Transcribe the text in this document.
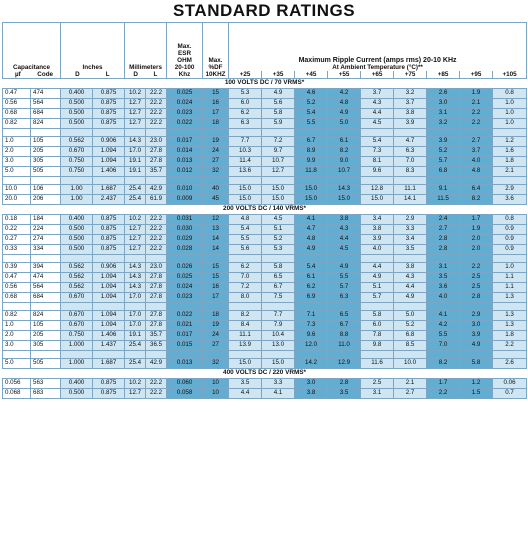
STANDARD RATINGS
Capacitance
µf Code		Inches
D L		Millimeters
D L		Max.
ESR
OHM
20-100
Khz	Max.
%DF
10KHZ	Maximum Ripple Current (amps rms) 20-10 KHz
At Ambient Temperature (°C)**								
								+25	+35	+45	+55	+65	+75	+85	+95	+105
100 VOLTS DC / 70 VRMS*																
0.47	474	0.400	0.875	10.2	22.2	0.025	15	5.3	4.9	4.6	4.2	3.7	3.2	2.6	1.9	0.8
0.56	564	0.500	0.875	12.7	22.2	0.024	16	6.0	5.6	5.2	4.8	4.3	3.7	3.0	2.1	1.0
0.68	684	0.500	0.875	12.7	22.2	0.023	17	6.2	5.8	5.4	4.9	4.4	3.8	3.1	2.2	1.0
0.82	824	0.500	0.875	12.7	22.2	0.022	18	6.3	5.9	5.5	5.0	4.5	3.9	3.2	2.2	1.0

1.0	105	0.562	0.906	14.3	23.0	0.017	19	7.7	7.2	6.7	6.1	5.4	4.7	3.9	2.7	1.2
2.0	205	0.670	1.094	17.0	27.8	0.014	24	10.3	9.7	8.9	8.2	7.3	6.3	5.2	3.7	1.6
3.0	305	0.750	1.094	19.1	27.8	0.013	27	11.4	10.7	9.9	9.0	8.1	7.0	5.7	4.0	1.8
5.0	505	0.750	1.406	19.1	35.7	0.012	32	13.6	12.7	11.8	10.7	9.6	8.3	6.8	4.8	2.1

10.0	106	1.00	1.687	25.4	42.9	0.010	40	15.0	15.0	15.0	14.3	12.8	11.1	9.1	6.4	2.9
20.0	206	1.00	2.437	25.4	61.9	0.009	45	15.0	15.0	15.0	15.0	15.0	14.1	11.5	8.2	3.6
200 VOLTS DC / 140 VRMS*																
0.18	184	0.400	0.875	10.2	22.2	0.031	12	4.8	4.5	4.1	3.8	3.4	2.9	2.4	1.7	0.8
0.22	224	0.500	0.875	12.7	22.2	0.030	13	5.4	5.1	4.7	4.3	3.8	3.3	2.7	1.9	0.9
0.27	274	0.500	0.875	12.7	22.2	0.029	14	5.5	5.2	4.8	4.4	3.9	3.4	2.8	2.0	0.9
0.33	334	0.500	0.875	12.7	22.2	0.028	14	5.6	5.3	4.9	4.5	4.0	3.5	2.8	2.0	0.9

0.39	394	0.562	0.906	14.3	23.0	0.026	15	6.2	5.8	5.4	4.9	4.4	3.8	3.1	2.2	1.0
0.47	474	0.562	1.094	14.3	27.8	0.025	15	7.0	6.5	6.1	5.5	4.9	4.3	3.5	2.5	1.1
0.56	564	0.562	1.094	14.3	27.8	0.024	16	7.2	6.7	6.2	5.7	5.1	4.4	3.6	2.5	1.1
0.68	684	0.670	1.094	17.0	27.8	0.023	17	8.0	7.5	6.9	6.3	5.7	4.9	4.0	2.8	1.3

0.82	824	0.670	1.094	17.0	27.8	0.022	18	8.2	7.7	7.1	6.5	5.8	5.0	4.1	2.9	1.3
1.0	105	0.670	1.094	17.0	27.8	0.021	19	8.4	7.9	7.3	6.7	6.0	5.2	4.2	3.0	1.3
2.0	205	0.750	1.406	19.1	35.7	0.017	24	11.1	10.4	9.6	8.8	7.8	6.8	5.5	3.9	1.8
3.0	305	1.000	1.437	25.4	36.5	0.015	27	13.9	13.0	12.0	11.0	9.8	8.5	7.0	4.9	2.2

5.0	505	1.000	1.687	25.4	42.9	0.013	32	15.0	15.0	14.2	12.9	11.6	10.0	8.2	5.8	2.6
400 VOLTS DC / 220 VRMS*																
0.056	563	0.400	0.875	10.2	22.2	0.060	10	3.5	3.3	3.0	2.8	2.5	2.1	1.7	1.2	0.06
0.068	683	0.500	0.875	12.7	22.2	0.058	10	4.4	4.1	3.8	3.5	3.1	2.7	2.2	1.5	0.7
